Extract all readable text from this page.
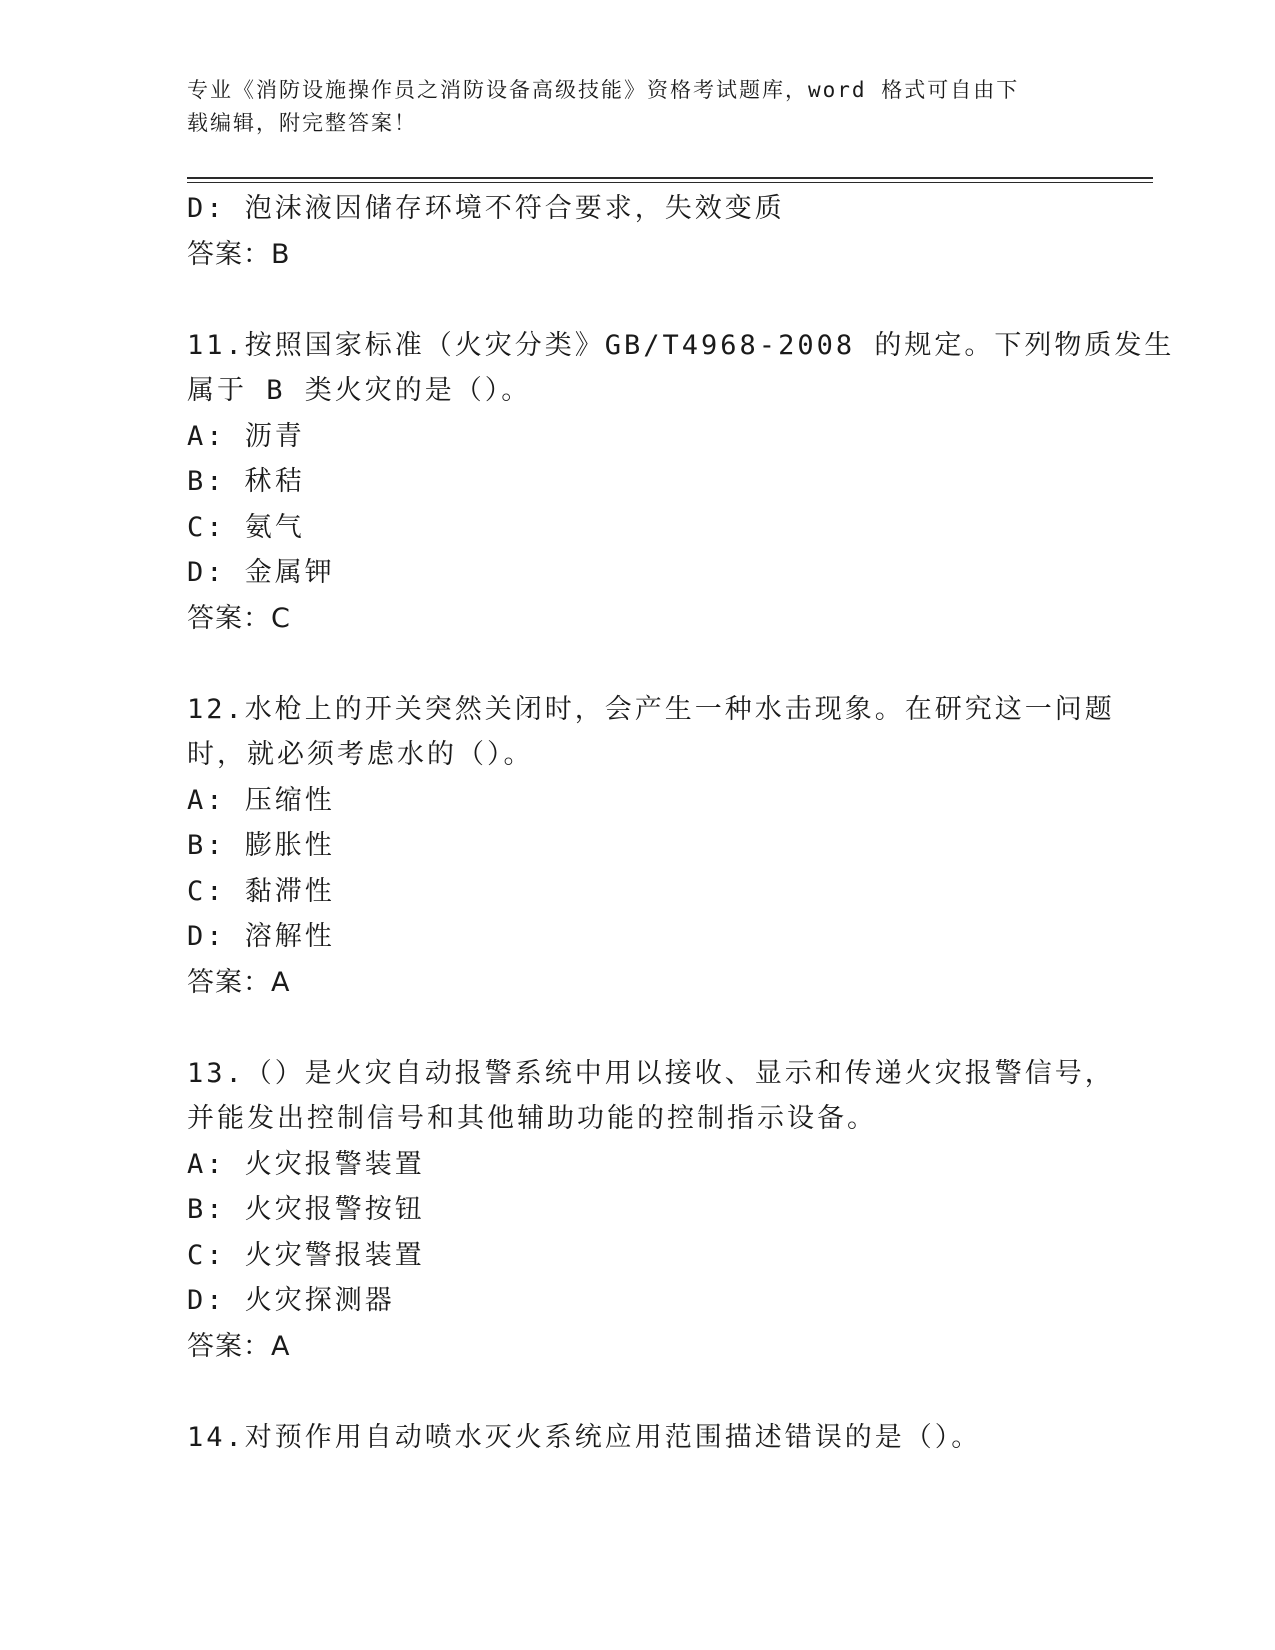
专业《消防设施操作员之消防设备高级技能》资格考试题库，word 格式可自由下
载编辑，附完整答案！
D: 泡沫液因储存环境不符合要求，失效变质
答案：B
11.按照国家标准（火灾分类》GB/T4968-2008 的规定。下列物质发生
属于 B 类火灾的是（）。
A: 沥青
B: 秫秸
C: 氨气
D: 金属钾
答案：C
12.水枪上的开关突然关闭时，会产生一种水击现象。在研究这一问题
时，就必须考虑水的（）。
A: 压缩性
B: 膨胀性
C: 黏滞性
D: 溶解性
答案：A
13.（）是火灾自动报警系统中用以接收、显示和传递火灾报警信号，
并能发出控制信号和其他辅助功能的控制指示设备。
A: 火灾报警装置
B: 火灾报警按钮
C: 火灾警报装置
D: 火灾探测器
答案：A
14.对预作用自动喷水灭火系统应用范围描述错误的是（）。
